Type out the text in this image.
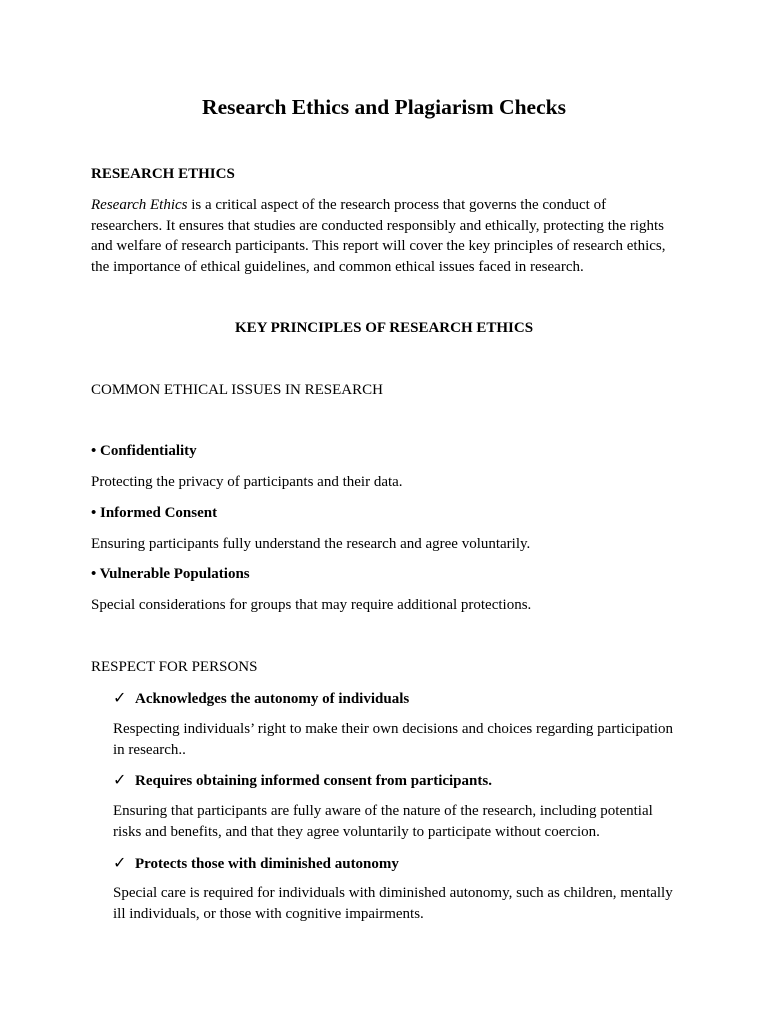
Research Ethics and Plagiarism Checks

RESEARCH ETHICS

Research Ethics is a critical aspect of the research process that governs the conduct of researchers. It ensures that studies are conducted responsibly and ethically, protecting the rights and welfare of research participants. This report will cover the key principles of research ethics, the importance of ethical guidelines, and common ethical issues faced in research.

KEY PRINCIPLES OF RESEARCH ETHICS

COMMON ETHICAL ISSUES IN RESEARCH

• Confidentiality

Protecting the privacy of participants and their data.

• Informed Consent

Ensuring participants fully understand the research and agree voluntarily.

• Vulnerable Populations

Special considerations for groups that may require additional protections.

RESPECT FOR PERSONS

✓ Acknowledges the autonomy of individuals

Respecting individuals’ right to make their own decisions and choices regarding participation in research..

✓ Requires obtaining informed consent from participants.

Ensuring that participants are fully aware of the nature of the research, including potential risks and benefits, and that they agree voluntarily to participate without coercion.

✓ Protects those with diminished autonomy

Special care is required for individuals with diminished autonomy, such as children, mentally ill individuals, or those with cognitive impairments.
